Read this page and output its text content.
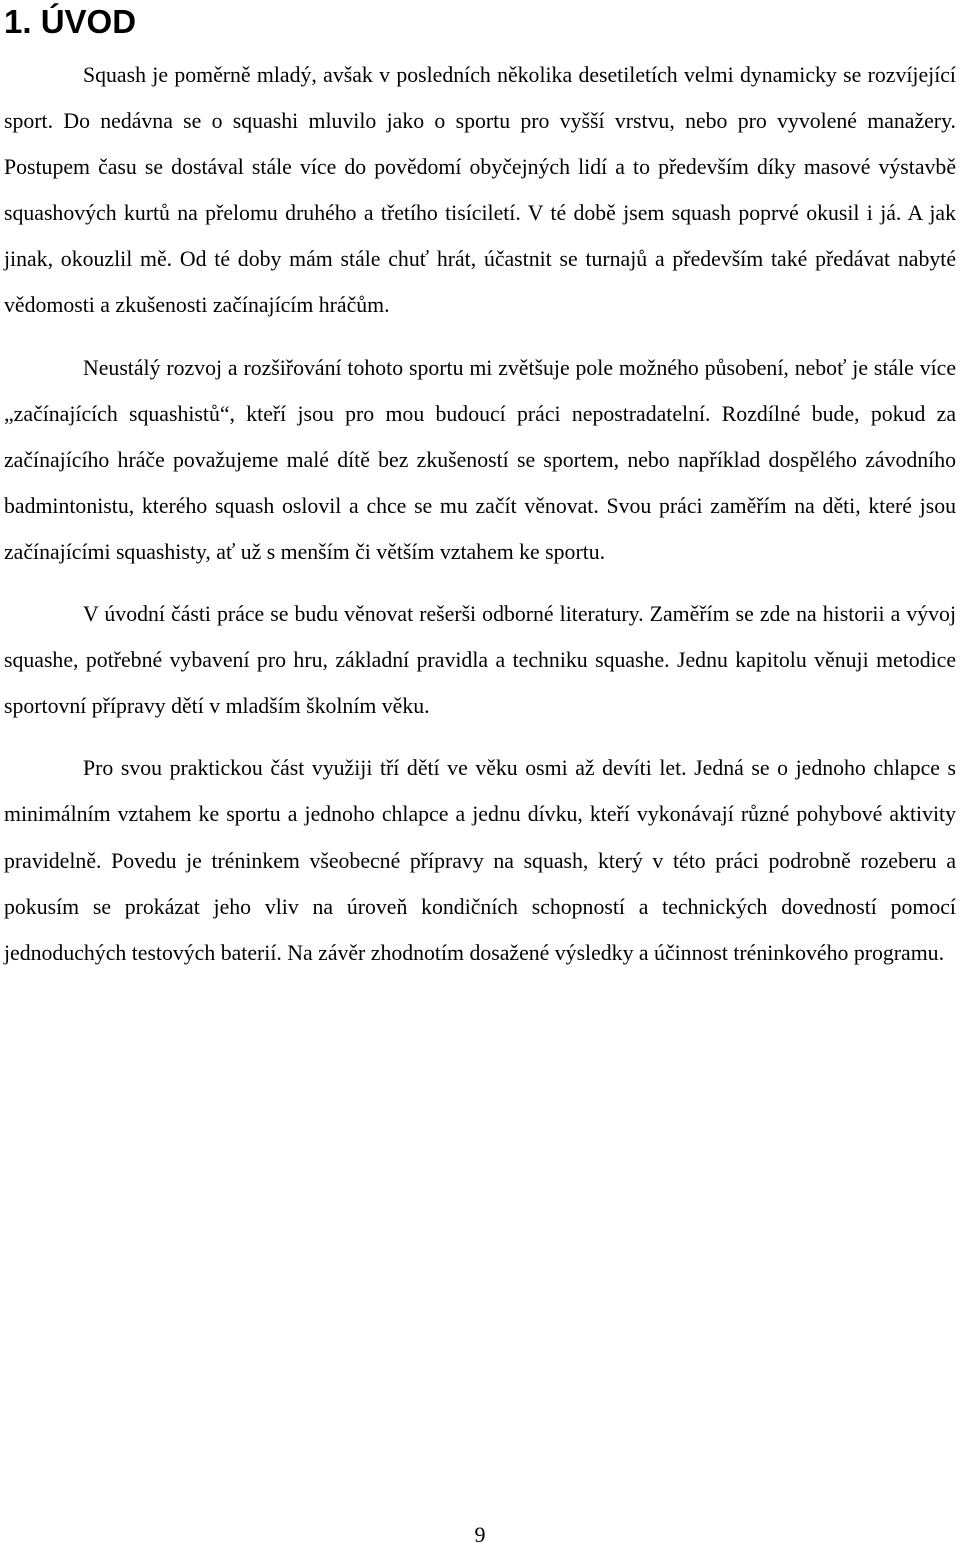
1. ÚVOD

Squash je poměrně mladý, avšak v posledních několika desetiletích velmi dynamicky se rozvíjející sport. Do nedávna se o squashi mluvilo jako o sportu pro vyšší vrstvu, nebo pro vyvolené manažery. Postupem času se dostával stále více do povědomí obyčejných lidí a to především díky masové výstavbě squashových kurtů na přelomu druhého a třetího tisíciletí. V té době jsem squash poprvé okusil i já. A jak jinak, okouzlil mě. Od té doby mám stále chuť hrát, účastnit se turnajů a především také předávat nabyté vědomosti a zkušenosti začínajícím hráčům.

Neustálý rozvoj a rozšiřování tohoto sportu mi zvětšuje pole možného působení, neboť je stále více „začínajících squashistů“, kteří jsou pro mou budoucí práci nepostradatelní. Rozdílné bude, pokud za začínajícího hráče považujeme malé dítě bez zkušeností se sportem, nebo například dospělého závodního badmintonistu, kterého squash oslovil a chce se mu začít věnovat. Svou práci zaměřím na děti, které jsou začínajícími squashisty, ať už s menším či větším vztahem ke sportu.

V úvodní části práce se budu věnovat rešerši odborné literatury. Zaměřím se zde na historii a vývoj squashe, potřebné vybavení pro hru, základní pravidla a techniku squashe. Jednu kapitolu věnuji metodice sportovní přípravy dětí v mladším školním věku.

Pro svou praktickou část využiji tří dětí ve věku osmi až devíti let. Jedná se o jednoho chlapce s minimálním vztahem ke sportu a jednoho chlapce a jednu dívku, kteří vykonávají různé pohybové aktivity pravidelně. Povedu je tréninkem všeobecné přípravy na squash, který v této práci podrobně rozeberu a pokusím se prokázat jeho vliv na úroveň kondičních schopností a technických dovedností pomocí jednoduchých testových baterií. Na závěr zhodnotím dosažené výsledky a účinnost tréninkového programu.

9
